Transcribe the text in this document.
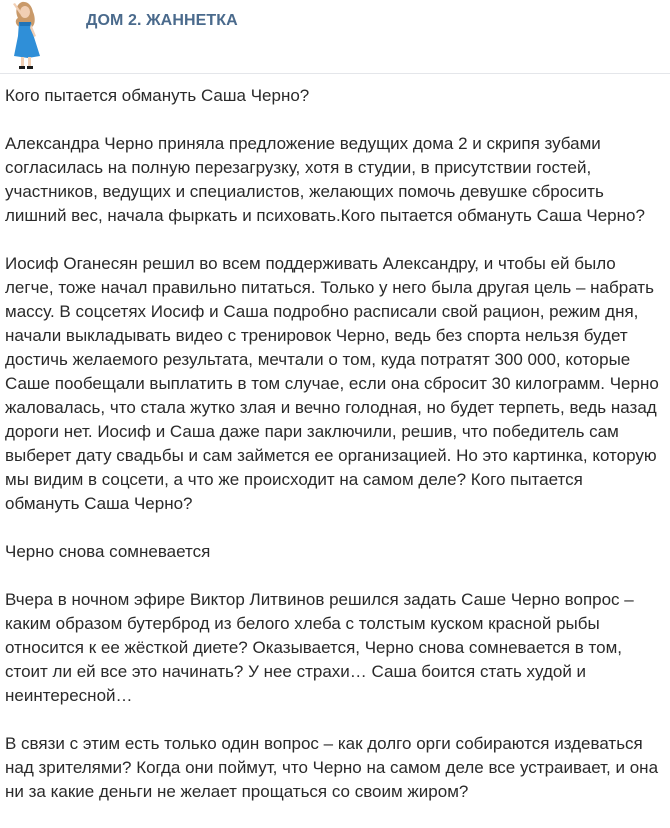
ДОМ 2. ЖАННЕТКА

Кого пытается обмануть Саша Черно?

Александра Черно приняла предложение ведущих дома 2 и скрипя зубами
согласилась на полную перезагрузку, хотя в студии, в присутствии гостей,
участников, ведущих и специалистов, желающих помочь девушке сбросить
лишний вес, начала фыркать и психовать.Кого пытается обмануть Саша Черно?

Иосиф Оганесян решил во всем поддерживать Александру, и чтобы ей было
легче, тоже начал правильно питаться. Только у него была другая цель – набрать
массу. В соцсетях Иосиф и Саша подробно расписали свой рацион, режим дня,
начали выкладывать видео с тренировок Черно, ведь без спорта нельзя будет
достичь желаемого результата, мечтали о том, куда потратят 300 000, которые
Саше пообещали выплатить в том случае, если она сбросит 30 килограмм. Черно
жаловалась, что стала жутко злая и вечно голодная, но будет терпеть, ведь назад
дороги нет. Иосиф и Саша даже пари заключили, решив, что победитель сам
выберет дату свадьбы и сам займется ее организацией. Но это картинка, которую
мы видим в соцсети, а что же происходит на самом деле? Кого пытается
обмануть Саша Черно?

Черно снова сомневается

Вчера в ночном эфире Виктор Литвинов решился задать Саше Черно вопрос –
каким образом бутерброд из белого хлеба с толстым куском красной рыбы
относится к ее жёсткой диете? Оказывается, Черно снова сомневается в том,
стоит ли ей все это начинать? У нее страхи… Саша боится стать худой и
неинтересной…

В связи с этим есть только один вопрос – как долго орги собираются издеваться
над зрителями? Когда они поймут, что Черно на самом деле все устраивает, и она
ни за какие деньги не желает прощаться со своим жиром?
